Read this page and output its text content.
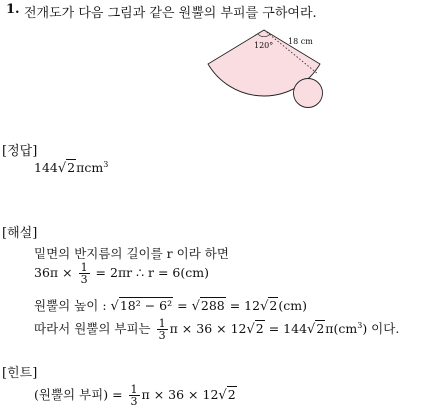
1. 전개도가 다음 그림과 같은 원뿔의 부피를 구하여라.
120° 18 cm
[정답]
144√2πcm$^3$
[해설]
밑면의 반지름의 길이를 r 이라 하면
$36\pi \times \frac{1}{3} = 2\pi r$ ∴ r = 6(cm)
원뿔의 높이 : √18² − 6² = √288 = 12√2(cm)
따라서 원뿔의 부피는 $\frac{1}{3}$ $\pi \times 36 \times 12√2 = 144√2\pi(cm^3)$ 이다.
[힌트]
(원뿔의 부피) = $\frac{1}{3}$ π × 36 × 12√2
